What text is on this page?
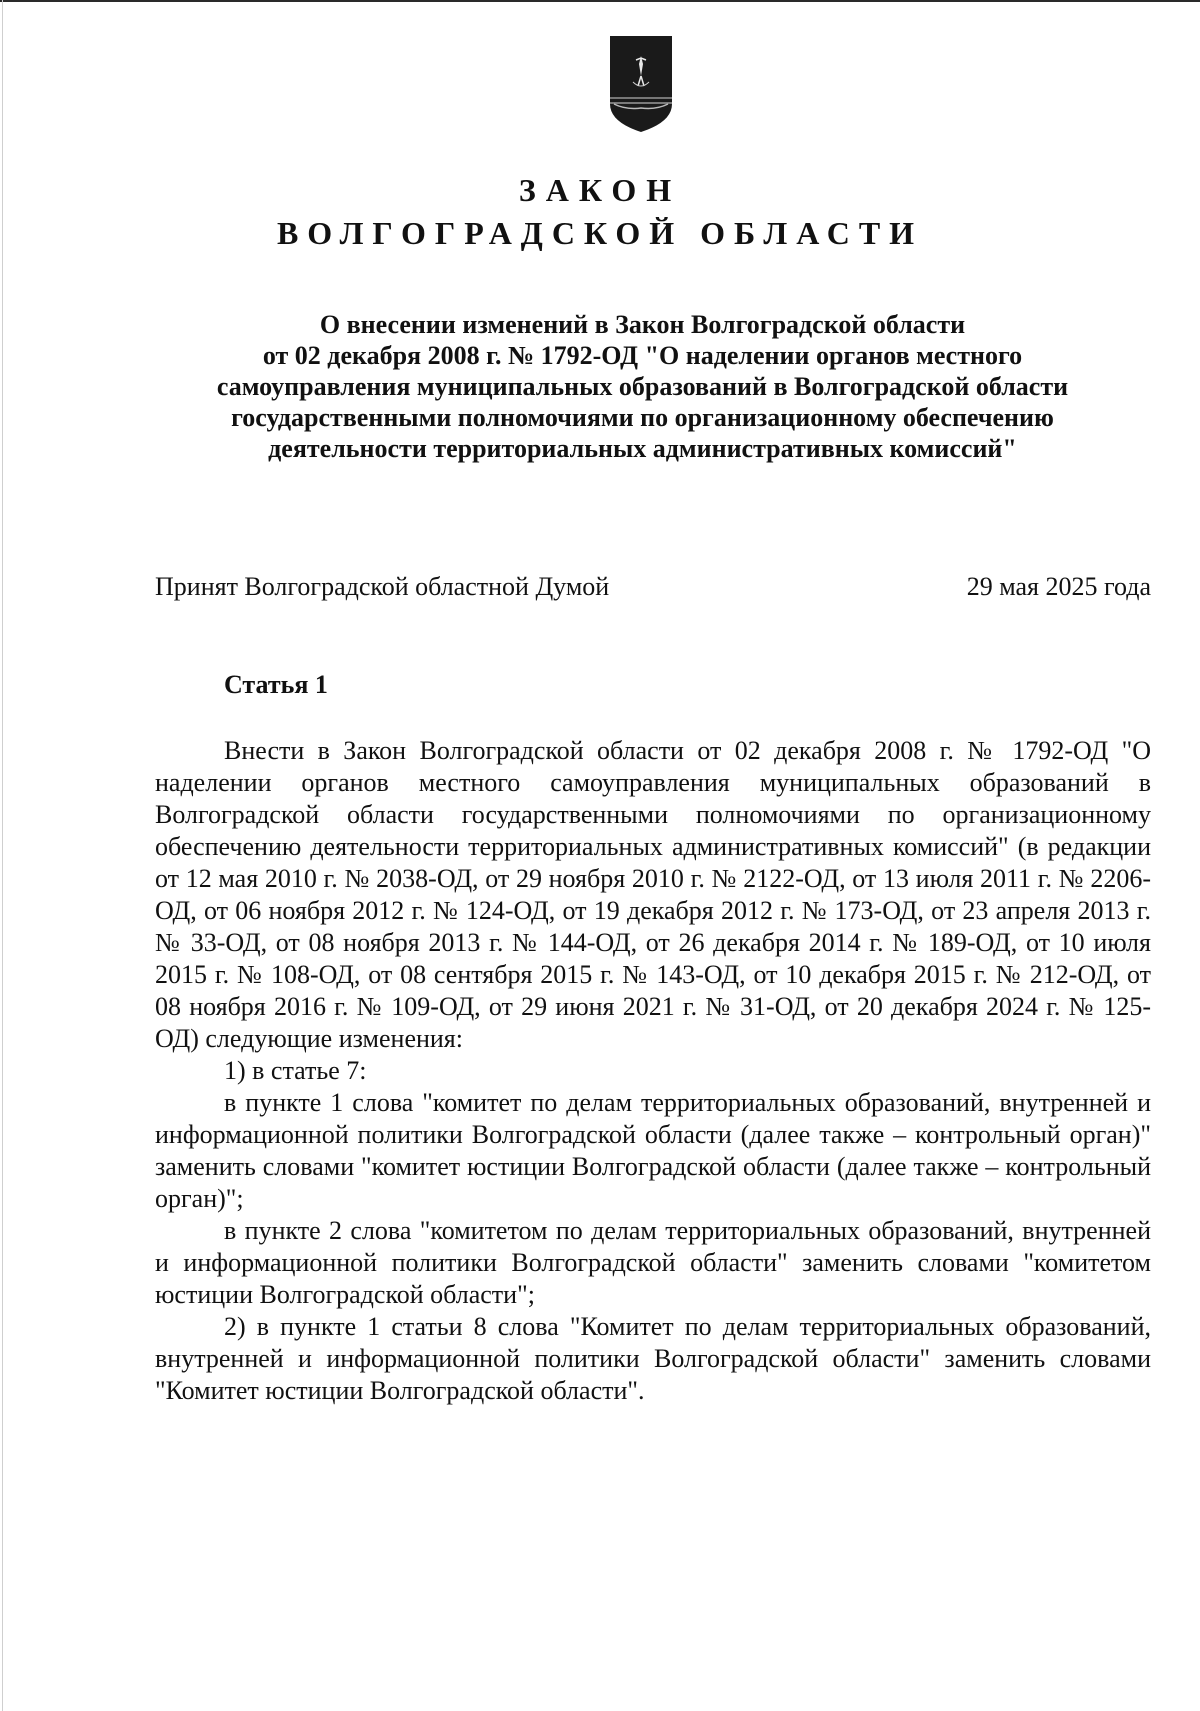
ЗАКОН
ВОЛГОГРАДСКОЙ ОБЛАСТИ
О внесении изменений в Закон Волгоградской области
от 02 декабря 2008 г. № 1792-ОД "О наделении органов местного
самоуправления муниципальных образований в Волгоградской области
государственными полномочиями по организационному обеспечению
деятельности территориальных административных комиссий"
Принят Волгоградской областной Думой	29 мая 2025 года
Статья 1

Внести в Закон Волгоградской области от 02 декабря 2008 г. № 1792-ОД "О наделении органов местного самоуправления муниципальных образований в Волгоградской области государственными полномочиями по организационному обеспечению деятельности территориальных административных комиссий" (в редакции от 12 мая 2010 г. № 2038-ОД, от 29 ноября 2010 г. № 2122-ОД, от 13 июля 2011 г. № 2206-ОД, от 06 ноября 2012 г. № 124-ОД, от 19 декабря 2012 г. № 173-ОД, от 23 апреля 2013 г. № 33-ОД, от 08 ноября 2013 г. № 144-ОД, от 26 декабря 2014 г. № 189-ОД, от 10 июля 2015 г. № 108-ОД, от 08 сентября 2015 г. № 143-ОД, от 10 декабря 2015 г. № 212-ОД, от 08 ноября 2016 г. № 109-ОД, от 29 июня 2021 г. № 31-ОД, от 20 декабря 2024 г. № 125-ОД) следующие изменения:

1) в статье 7:

в пункте 1 слова "комитет по делам территориальных образований, внутренней и информационной политики Волгоградской области (далее также – контрольный орган)" заменить словами "комитет юстиции Волгоградской области (далее также – контрольный орган)";

в пункте 2 слова "комитетом по делам территориальных образований, внутренней и информационной политики Волгоградской области" заменить словами "комитетом юстиции Волгоградской области";

2) в пункте 1 статьи 8 слова "Комитет по делам территориальных образований, внутренней и информационной политики Волгоградской области" заменить словами "Комитет юстиции Волгоградской области".
